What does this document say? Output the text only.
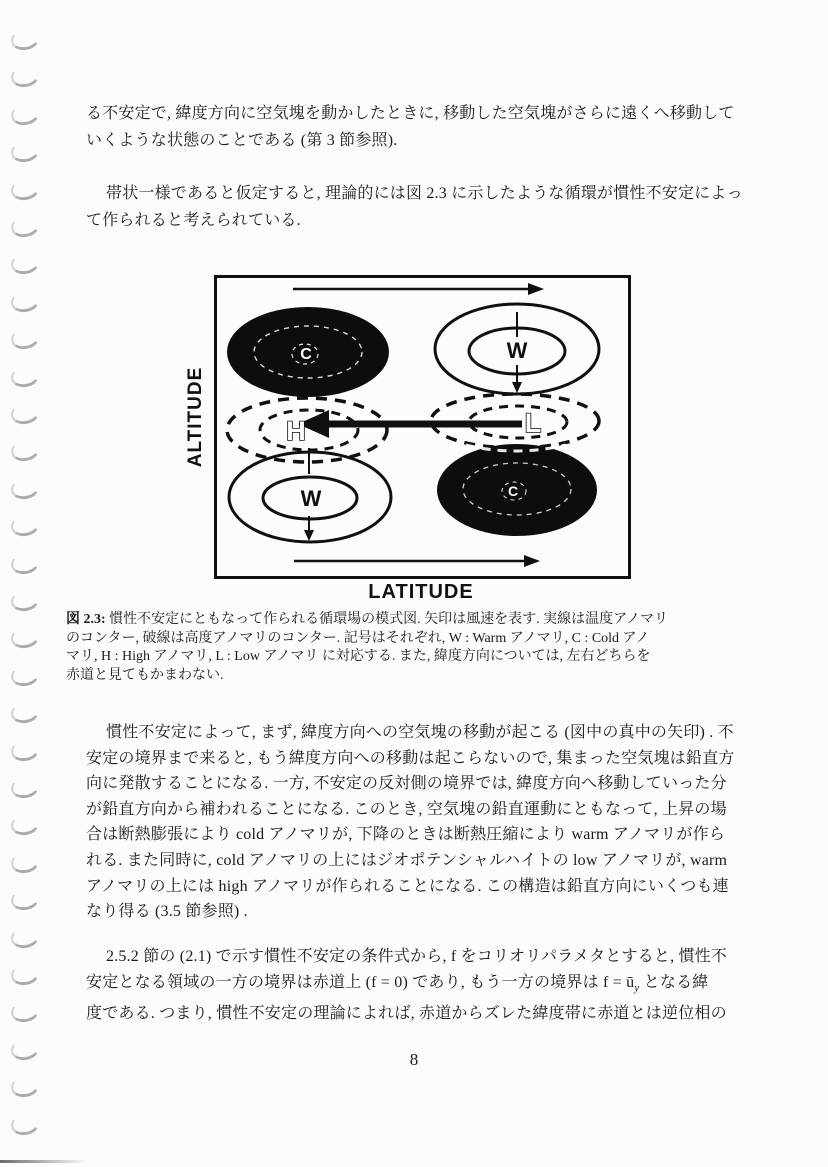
る不安定で, 緯度方向に空気塊を動かしたときに, 移動した空気塊がさらに遠くへ移動して
いくような状態のことである (第 3 節参照).
帯状一様であると仮定すると, 理論的には図 2.3 に示したような循環が慣性不安定によっ
て作られると考えられている.
ALTITUDE
LATITUDE
C	W
W	C
H	L
図 2.3: 慣性不安定にともなって作られる循環場の模式図. 矢印は風速を表す. 実線は温度アノマリ
のコンター, 破線は高度アノマリのコンター. 記号はそれぞれ, W : Warm アノマリ, C : Cold アノ
マリ, H : High アノマリ, L : Low アノマリ に対応する. また, 緯度方向については, 左右どちらを
赤道と見てもかまわない.
慣性不安定によって, まず, 緯度方向への空気塊の移動が起こる (図中の真中の矢印) . 不
安定の境界まで来ると, もう緯度方向への移動は起こらないので, 集まった空気塊は鉛直方
向に発散することになる. 一方, 不安定の反対側の境界では, 緯度方向へ移動していった分
が鉛直方向から補われることになる. このとき, 空気塊の鉛直運動にともなって, 上昇の場
合は断熱膨張により cold アノマリが, 下降のときは断熱圧縮により warm アノマリが作ら
れる. また同時に, cold アノマリの上にはジオポテンシャルハイトの low アノマリが, warm
アノマリの上には high アノマリが作られることになる. この構造は鉛直方向にいくつも連
なり得る (3.5 節参照) .
2.5.2 節の (2.1) で示す慣性不安定の条件式から, f をコリオリパラメタとすると, 慣性不
安定となる領域の一方の境界は赤道上 (f = 0) であり, もう一方の境界は $f = ū_y$ となる緯
度である. つまり, 慣性不安定の理論によれば, 赤道からズレた緯度帯に赤道とは逆位相の
8
